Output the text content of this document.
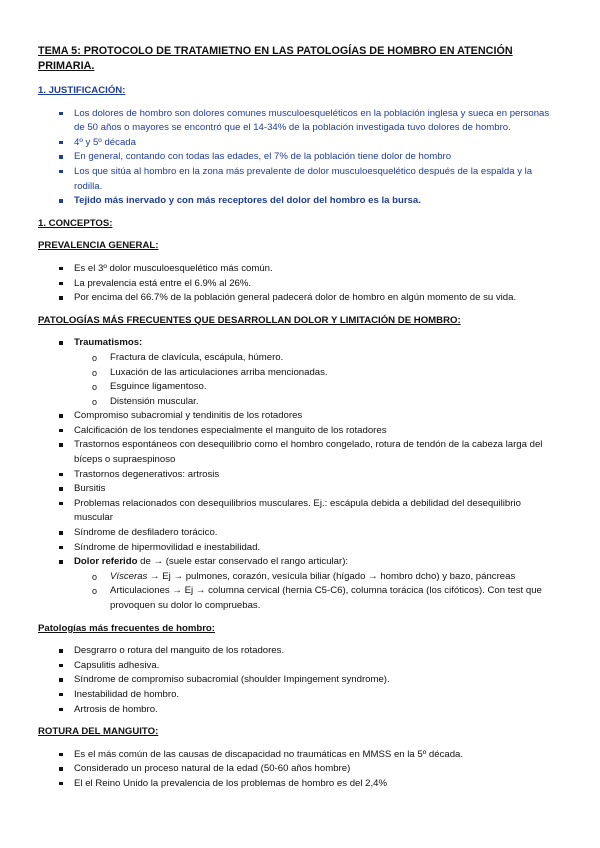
TEMA 5: PROTOCOLO DE TRATAMIETNO EN LAS PATOLOGÍAS DE HOMBRO EN ATENCIÓN PRIMARIA.
1. JUSTIFICACIÓN:
Los dolores de hombro son dolores comunes musculoesqueléticos en la población inglesa y sueca en personas de 50 años o mayores se encontró que el 14-34% de la población investigada tuvo dolores de hombro.
4º y 5º década
En general, contando con todas las edades, el 7% de la población tiene dolor de hombro
Los que sitúa al hombro en la zona más prevalente de dolor musculoesquelético después de la espalda y la rodilla.
Tejido más inervado y con más receptores del dolor del hombro es la bursa.
1. CONCEPTOS:
PREVALENCIA GENERAL:
Es el 3º dolor musculoesquelético más común.
La prevalencia está entre el 6.9% al 26%.
Por encima del 66.7% de la población general padecerá dolor de hombro en algún momento de su vida.
PATOLOGÍAS MÁS FRECUENTES QUE DESARROLLAN DOLOR Y LIMITACIÓN DE HOMBRO:
Traumatismos:
o Fractura de clavícula, escápula, húmero.
o Luxación de las articulaciones arriba mencionadas.
o Esguince ligamentoso.
o Distensión muscular.
Compromiso subacromial y tendinitis de los rotadores
Calcificación de los tendones especialmente el manguito de los rotadores
Trastornos espontáneos con desequilibrio como el hombro congelado, rotura de tendón de la cabeza larga del bíceps o supraespinoso
Trastornos degenerativos: artrosis
Bursitis
Problemas relacionados con desequilibrios musculares. Ej.: escápula debida a debilidad del desequilibrio muscular
Síndrome de desfiladero torácico.
Síndrome de hipermovilidad e inestabilidad.
Dolor referido de → (suele estar conservado el rango articular):
o Vísceras → Ej → pulmones, corazón, vesícula biliar (hígado → hombro dcho) y bazo, páncreas
o Articulaciones → Ej → columna cervical (hernia C5-C6), columna torácica (los cifóticos). Con test que provoquen su dolor lo compruebas.
Patologías más frecuentes de hombro:
Desgrarro o rotura del manguito de los rotadores.
Capsulitis adhesiva.
Síndrome de compromiso subacromial (shoulder Impingement syndrome).
Inestabilidad de hombro.
Artrosis de hombro.
ROTURA DEL MANGUITO:
Es el más común de las causas de discapacidad no traumáticas en MMSS en la 5º década.
Considerado un proceso natural de la edad (50-60 años hombre)
El el Reino Unido la prevalencia de los problemas de hombro es del 2,4%
